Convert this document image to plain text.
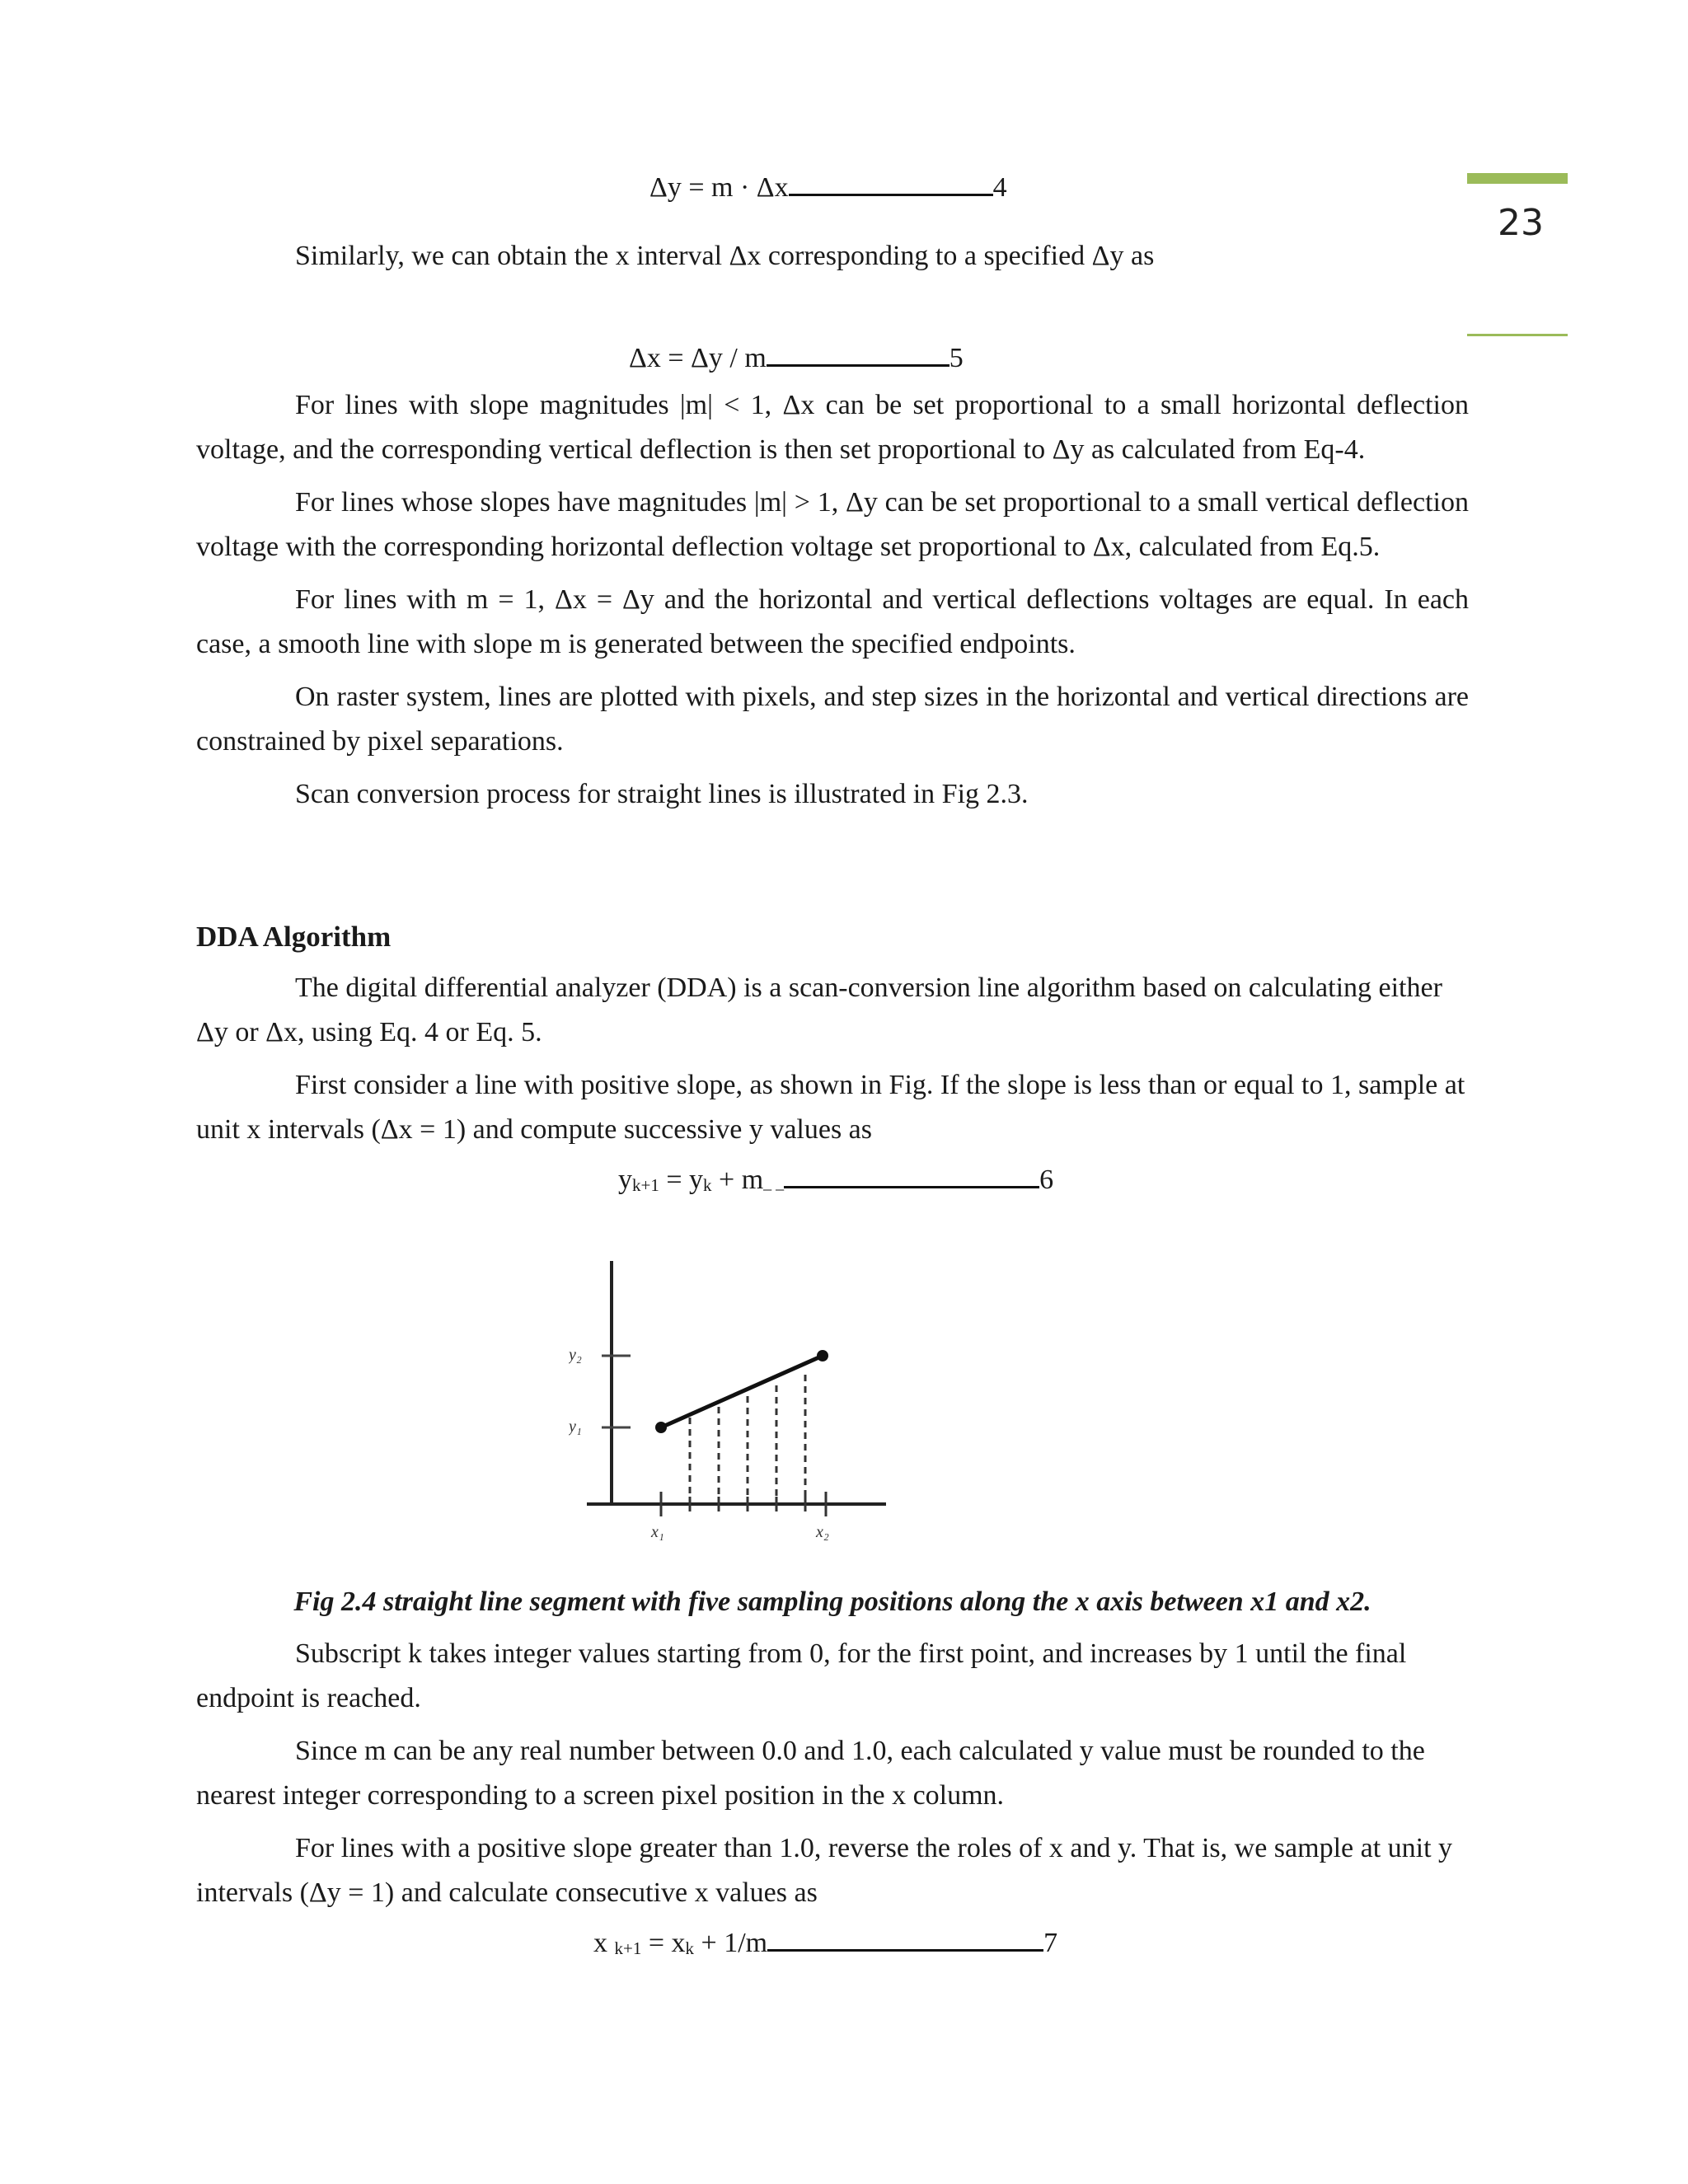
23
Δy = m · Δx	4

Similarly, we can obtain the x interval Δx corresponding to a specified Δy as

Δx = Δy / m	5

For lines with slope magnitudes |m| < 1, Δx can be set proportional to a small horizontal deflection voltage, and the corresponding vertical deflection is then set proportional to Δy as calculated from Eq-4.

For lines whose slopes have magnitudes |m| > 1, Δy can be set proportional to a small vertical deflection voltage with the corresponding horizontal deflection voltage set proportional to Δx, calculated from Eq.5.

For lines with m = 1, Δx = Δy and the horizontal and vertical deflections voltages are equal. In each case, a smooth line with slope m is generated between the specified endpoints.

On raster system, lines are plotted with pixels, and step sizes in the horizontal and vertical directions are constrained by pixel separations.

Scan conversion process for straight lines is illustrated in Fig 2.3.

DDA Algorithm

The digital differential analyzer (DDA) is a scan-conversion line algorithm based on calculating either Δy or Δx, using Eq. 4 or Eq. 5.

First consider a line with positive slope, as shown in Fig. If the slope is less than or equal to 1, sample at unit x intervals (Δx = 1) and compute successive y values as

$y_{k+1} = y_k$ + m_ _	6
y₂
y₁
x₁	x₂
Fig 2.4 straight line segment with five sampling positions along the x axis between x1 and x2.

Subscript k takes integer values starting from 0, for the first point, and increases by 1 until the final endpoint is reached.

Since m can be any real number between 0.0 and 1.0, each calculated y value must be rounded to the nearest integer corresponding to a screen pixel position in the x column.

For lines with a positive slope greater than 1.0, reverse the roles of x and y. That is, we sample at unit y intervals (Δy = 1) and calculate consecutive x values as

x $_{k+1} = x_k + 1/m$	7
